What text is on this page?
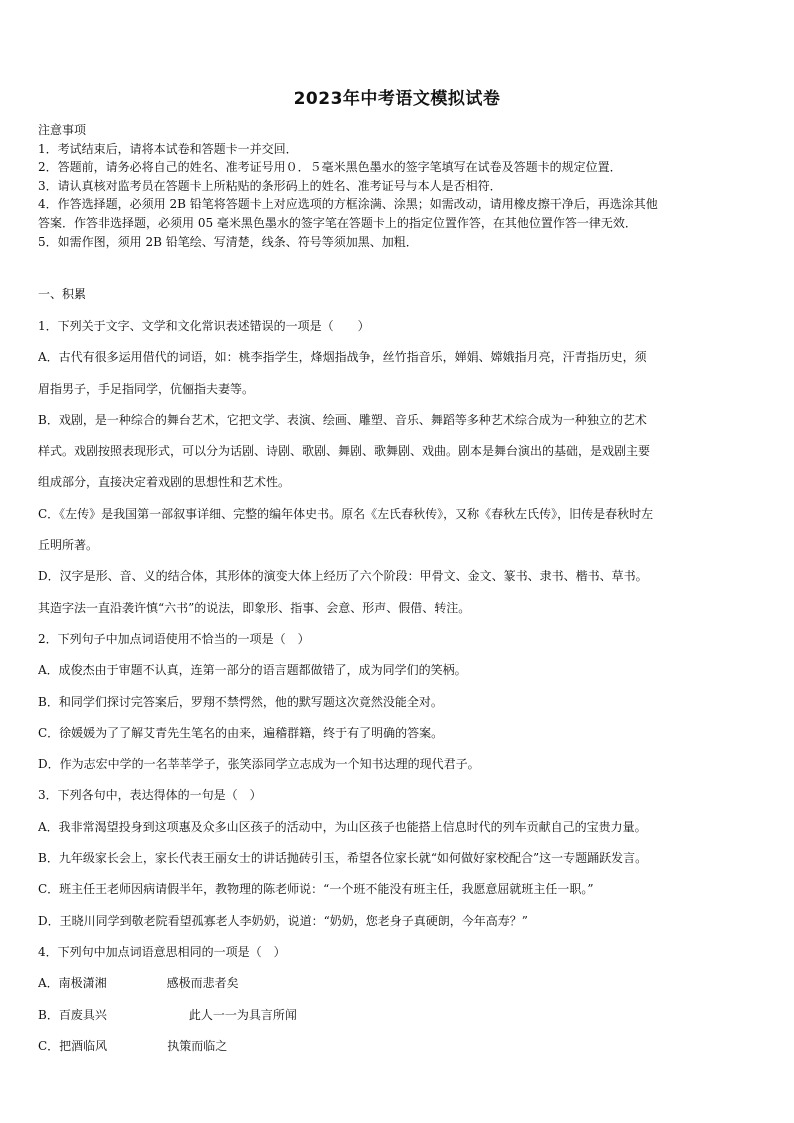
2023年中考语文模拟试卷
注意事项
1．考试结束后，请将本试卷和答题卡一并交回．
2．答题前，请务必将自己的姓名、准考证号用０．５毫米黑色墨水的签字笔填写在试卷及答题卡的规定位置．
3．请认真核对监考员在答题卡上所粘贴的条形码上的姓名、准考证号与本人是否相符．
4．作答选择题，必须用 2B 铅笔将答题卡上对应选项的方框涂满、涂黑；如需改动，请用橡皮擦干净后，再选涂其他
答案．作答非选择题，必须用 05 毫米黑色墨水的签字笔在答题卡上的指定位置作答，在其他位置作答一律无效．
5．如需作图，须用 2B 铅笔绘、写清楚，线条、符号等须加黑、加粗．
一、积累
1．下列关于文字、文学和文化常识表述错误的一项是（　　）
A．古代有很多运用借代的词语，如：桃李指学生，烽烟指战争，丝竹指音乐，婵娟、嫦娥指月亮，汗青指历史，须
眉指男子，手足指同学，伉俪指夫妻等。
B．戏剧，是一种综合的舞台艺术，它把文学、表演、绘画、雕塑、音乐、舞蹈等多种艺术综合成为一种独立的艺术
样式。戏剧按照表现形式，可以分为话剧、诗剧、歌剧、舞剧、歌舞剧、戏曲。剧本是舞台演出的基础，是戏剧主要
组成部分，直接决定着戏剧的思想性和艺术性。
C．《左传》是我国第一部叙事详细、完整的编年体史书。原名《左氏春秋传》，又称《春秋左氏传》，旧传是春秋时左
丘明所著。
D．汉字是形、音、义的结合体，其形体的演变大体上经历了六个阶段：甲骨文、金文、篆书、隶书、楷书、草书。
其造字法一直沿袭许慎“六书”的说法，即象形、指事、会意、形声、假借、转注。
2．下列句子中加点词语使用不恰当的一项是（　）
A．成俊杰由于审题不认真，连第一部分的语言题都做错了，成为同学们的笑柄。
B．和同学们探讨完答案后，罗翔不禁愕然，他的默写题这次竟然没能全对。
C．徐媛媛为了了解艾青先生笔名的由来，遍稽群籍，终于有了明确的答案。
D．作为志宏中学的一名莘莘学子，张笑添同学立志成为一个知书达理的现代君子。
3．下列各句中，表达得体的一句是（　）
A．我非常渴望投身到这项惠及众多山区孩子的活动中，为山区孩子也能搭上信息时代的列车贡献自己的宝贵力量。
B．九年级家长会上，家长代表王丽女士的讲话抛砖引玉，希望各位家长就“如何做好家校配合”这一专题踊跃发言。
C．班主任王老师因病请假半年，教物理的陈老师说：“一个班不能没有班主任，我愿意屈就班主任一职。”
D．王晓川同学到敬老院看望孤寡老人李奶奶，说道：“奶奶，您老身子真硬朗，今年高寿？”
4．下列句中加点词语意思相同的一项是（　）
A．南极潇湘	感极而悲者矣
B．百废具兴	此人一一为具言所闻
C．把酒临风	执策而临之
